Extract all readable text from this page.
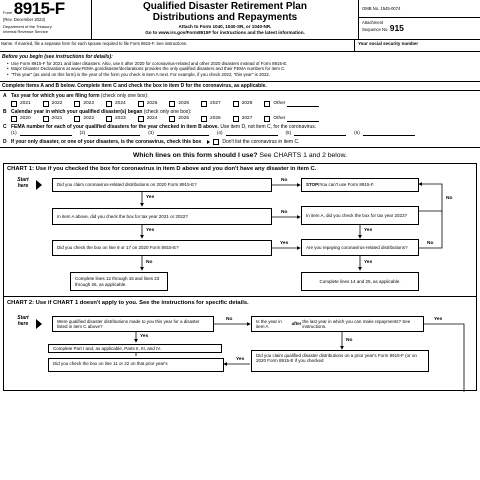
Form 8915-F
(Rev. December 2023)
Department of the Treasury
Internal Revenue Service
Qualified Disaster Retirement Plan
Distributions and Repayments
Attach to Form 1040, 1040-SR, or 1040-NR.
Go to www.irs.gov/Form8915F for instructions and the latest information.
OMB No. 1545-0074
Attachment
Sequence No. 915
Name. If married, file a separate form for each spouse required to file Form 8915-F. See instructions.	Your social security number
Before you begin (see instructions for details):
• Use Form 8915-F for 2021 and later disasters. Also, use it after 2020 for coronavirus-related and other 2020 disasters instead of Form 8915-E.
• Major Disaster Declarations at www.FEMA.gov/disaster/declarations provides the only qualified disasters and their FEMA numbers for item C.
• "This year" (as used on this form) is the year of the form you check in item A next. For example, if you check 2022, "this year" is 2022.
Complete items A and B below. Complete item C and check the box in item D for the coronavirus, as applicable.
A Tax year for which you are filing form (check only one box):
2021	2022	2023	2024	2025	2026	2027	2028	Other
B Calendar year in which your qualified disaster(s) began (check only one box):
2020	2021	2022	2023	2024	2025	2026	2027	Other
C FEMA number for each of your qualified disasters for the year checked in item B above. Use item D, not item C, for the coronavirus.
(1)	(2)	(3)	(4)	(5)	(6)
D If your only disaster, or one of your disasters, is the coronavirus, check this box	Don't list the coronavirus in item C.
Which lines on this form should I use? See CHARTS 1 and 2 below.
CHART 1: Use if you checked the box for coronavirus in item D above and you don't have any disaster in item C.
Start here	Did you claim coronavirus-related distributions on 2020 Form 8915-E?
No
STOP! You can't use Form 8915-F.
Yes
In item A above, did you check the box for tax year 2021 or 2022?
No
In item A, did you check the box for tax year 2023?
No
Yes	Yes
Did you check the box on line 9 or 17 on 2020 Form 8915-E?
Yes
Are you repaying coronavirus-related distributions?
No
No	Yes
Complete lines 12 through 15 and lines 23 through 26, as applicable.
Complete lines 14 and 25, as applicable.
CHART 2: Use if CHART 1 doesn't apply to you. See the instructions for specific details.
Start here	Were qualified disaster distributions made to you this year for a disaster listed in item C above?
No	Is the year in item A
after
the last year in which you can make repayments? See instructions.
Yes
Yes
No
Complete Part I and, as applicable, Parts II, III, and IV.
Did you claim qualified disaster distributions on a prior year's Form 8915-F (or on 2020 Form 8915-E if you checked
Yes
Did you check the box on line 11 or 22 on that prior year's
